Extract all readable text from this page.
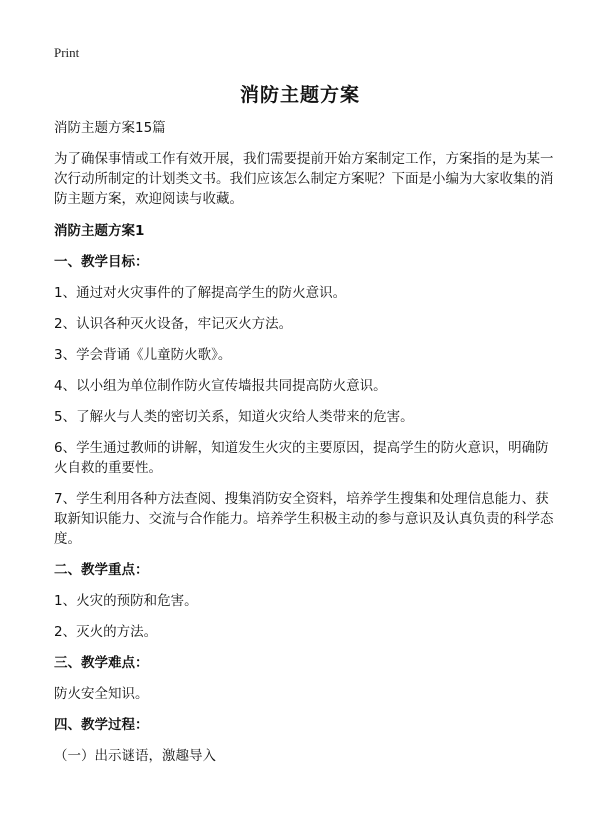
Print
消防主题方案

消防主题方案15篇

为了确保事情或工作有效开展，我们需要提前开始方案制定工作，方案指的是为某一次行动所制定的计划类文书。我们应该怎么制定方案呢？下面是小编为大家收集的消防主题方案，欢迎阅读与收藏。

消防主题方案1

一、教学目标：

1、通过对火灾事件的了解提高学生的防火意识。

2、认识各种灭火设备，牢记灭火方法。

3、学会背诵《儿童防火歌》。

4、以小组为单位制作防火宣传墙报共同提高防火意识。

5、了解火与人类的密切关系，知道火灾给人类带来的危害。

6、学生通过教师的讲解，知道发生火灾的主要原因，提高学生的防火意识，明确防火自救的重要性。

7、学生利用各种方法查阅、搜集消防安全资料，培养学生搜集和处理信息能力、获取新知识能力、交流与合作能力。培养学生积极主动的参与意识及认真负责的科学态度。

二、教学重点：

1、火灾的预防和危害。

2、灭火的方法。

三、教学难点：

防火安全知识。

四、教学过程：

（一）出示谜语，激趣导入
